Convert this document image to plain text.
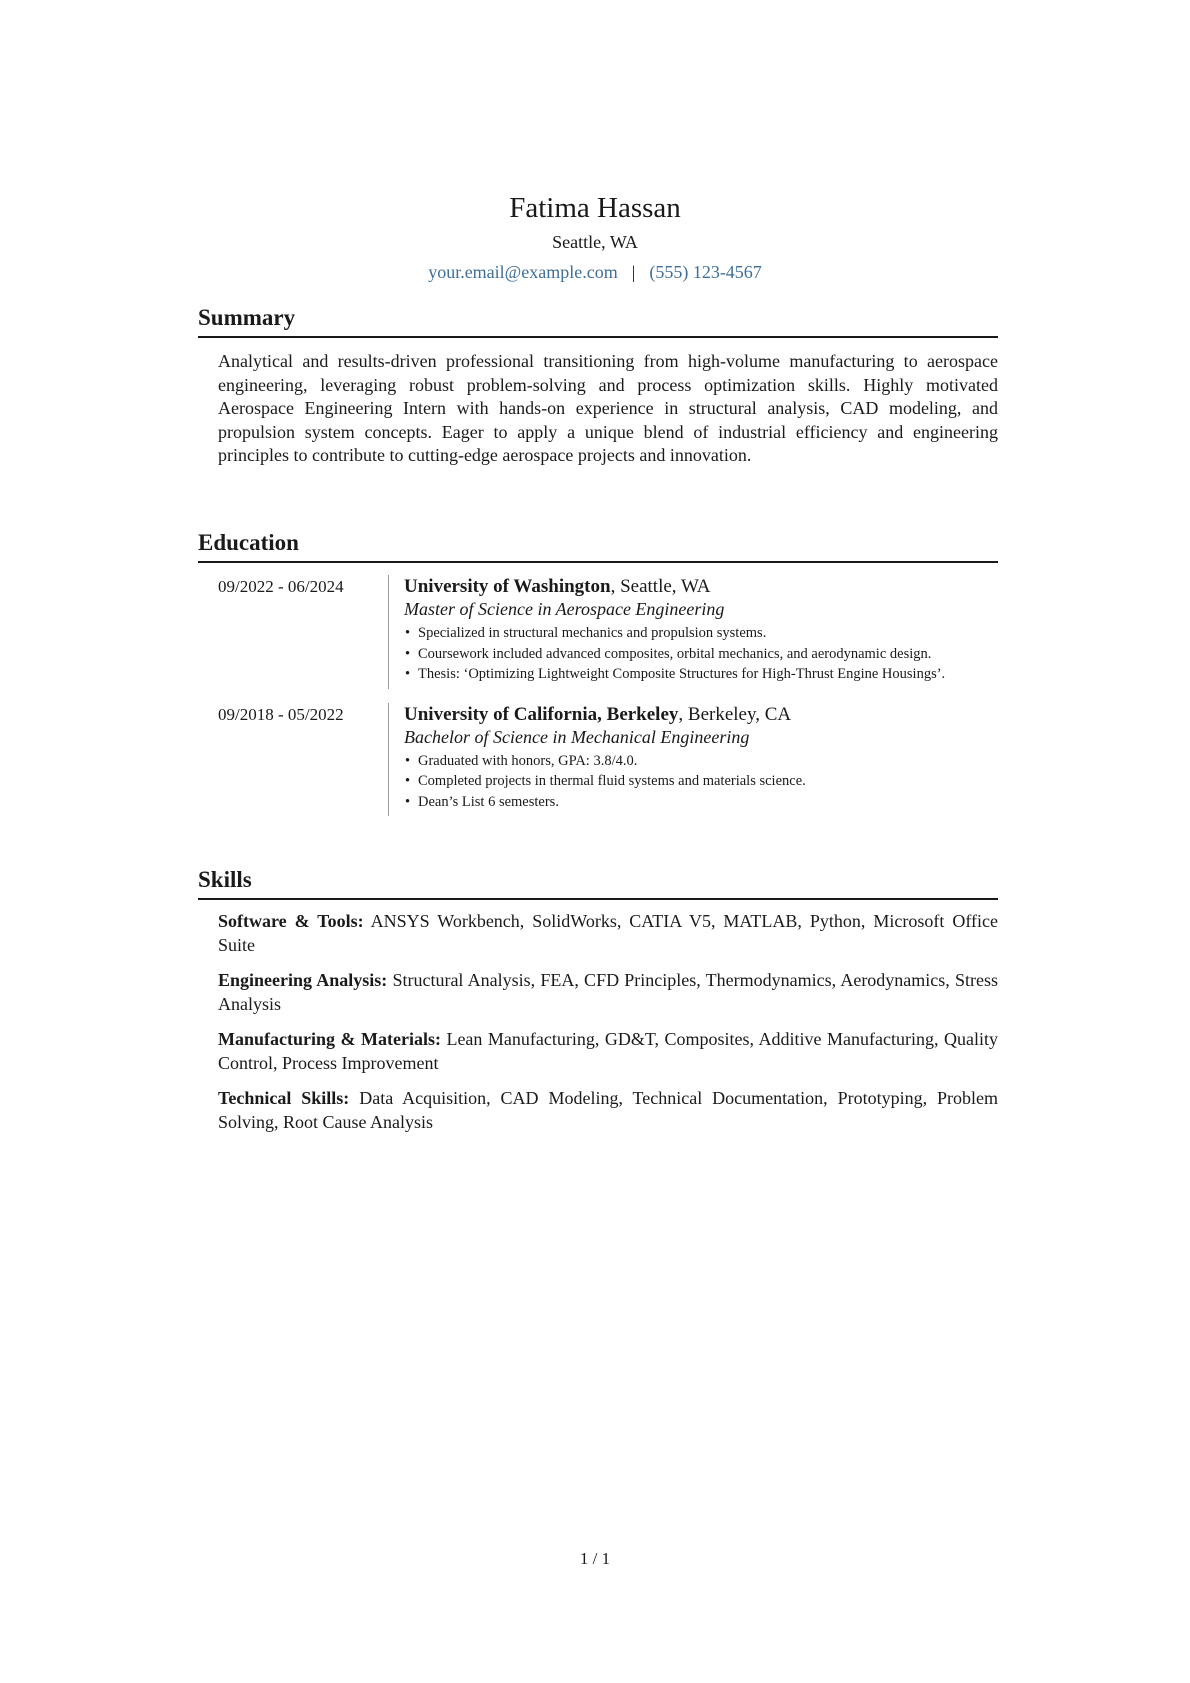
Fatima Hassan
Seattle, WA
your.email@example.com | (555) 123-4567
Summary

Analytical and results-driven professional transitioning from high-volume manufacturing to aerospace engineering, leveraging robust problem-solving and process optimization skills. Highly motivated Aerospace Engineering Intern with hands-on experience in structural analysis, CAD modeling, and propulsion system concepts. Eager to apply a unique blend of industrial efficiency and engineering principles to contribute to cutting-edge aerospace projects and innovation.

Education
09/2022 - 06/2024	University of Washington, Seattle, WA
Master of Science in Aerospace Engineering
• Specialized in structural mechanics and propulsion systems.
• Coursework included advanced composites, orbital mechanics, and aerodynamic design.
• Thesis: ‘Optimizing Lightweight Composite Structures for High-Thrust Engine Housings’.
09/2018 - 05/2022	University of California, Berkeley, Berkeley, CA
Bachelor of Science in Mechanical Engineering
• Graduated with honors, GPA: 3.8/4.0.
• Completed projects in thermal fluid systems and materials science.
• Dean’s List 6 semesters.
Skills

Software & Tools: ANSYS Workbench, SolidWorks, CATIA V5, MATLAB, Python, Microsoft Office Suite

Engineering Analysis: Structural Analysis, FEA, CFD Principles, Thermodynamics, Aerodynamics, Stress Analysis

Manufacturing & Materials: Lean Manufacturing, GD&T, Composites, Additive Manufacturing, Quality Control, Process Improvement

Technical Skills: Data Acquisition, CAD Modeling, Technical Documentation, Prototyping, Problem Solving, Root Cause Analysis

1 / 1
